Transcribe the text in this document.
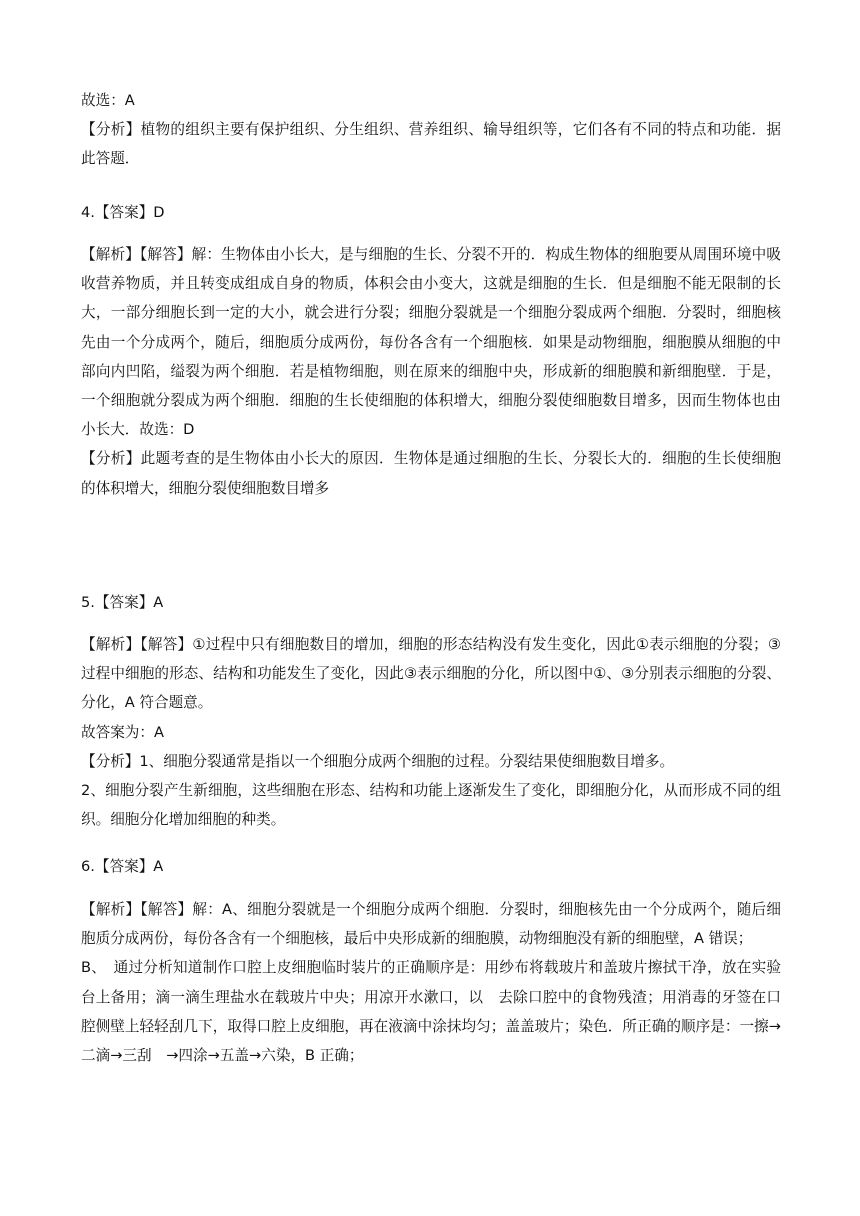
故选：A

【分析】植物的组织主要有保护组织、分生组织、营养组织、输导组织等，它们各有不同的特点和功能．据此答题．

4.【答案】D

【解析】【解答】解：生物体由小长大，是与细胞的生长、分裂不开的．构成生物体的细胞要从周围环境中吸收营养物质，并且转变成组成自身的物质，体积会由小变大，这就是细胞的生长．但是细胞不能无限制的长大，一部分细胞长到一定的大小，就会进行分裂；细胞分裂就是一个细胞分裂成两个细胞．分裂时，细胞核先由一个分成两个，随后，细胞质分成两份，每份各含有一个细胞核．如果是动物细胞，细胞膜从细胞的中部向内凹陷，缢裂为两个细胞．若是植物细胞，则在原来的细胞中央，形成新的细胞膜和新细胞壁．于是，一个细胞就分裂成为两个细胞．细胞的生长使细胞的体积增大，细胞分裂使细胞数目增多，因而生物体也由小长大．故选：D

【分析】此题考查的是生物体由小长大的原因．生物体是通过细胞的生长、分裂长大的．细胞的生长使细胞的体积增大，细胞分裂使细胞数目增多

5.【答案】A

【解析】【解答】①过程中只有细胞数目的增加，细胞的形态结构没有发生变化，因此①表示细胞的分裂；③过程中细胞的形态、结构和功能发生了变化，因此③表示细胞的分化，所以图中①、③分别表示细胞的分裂、分化，A 符合题意。

故答案为：A

【分析】1、细胞分裂通常是指以一个细胞分成两个细胞的过程。分裂结果使细胞数目增多。

2、细胞分裂产生新细胞，这些细胞在形态、结构和功能上逐渐发生了变化，即细胞分化，从而形成不同的组织。细胞分化增加细胞的种类。

6.【答案】A

【解析】【解答】解：A、细胞分裂就是一个细胞分成两个细胞．分裂时，细胞核先由一个分成两个，随后细胞质分成两份，每份各含有一个细胞核，最后中央形成新的细胞膜，动物细胞没有新的细胞壁，A 错误；

B、　通过分析知道制作口腔上皮细胞临时装片的正确顺序是：用纱布将载玻片和盖玻片擦拭干净，放在实验台上备用；滴一滴生理盐水在载玻片中央；用凉开水漱口，以　去除口腔中的食物残渣；用消毒的牙签在口腔侧壁上轻轻刮几下，取得口腔上皮细胞，再在液滴中涂抹均匀；盖盖玻片；染色．所正确的顺序是：一擦→二滴→三刮　→四涂→五盖→六染，B 正确；
